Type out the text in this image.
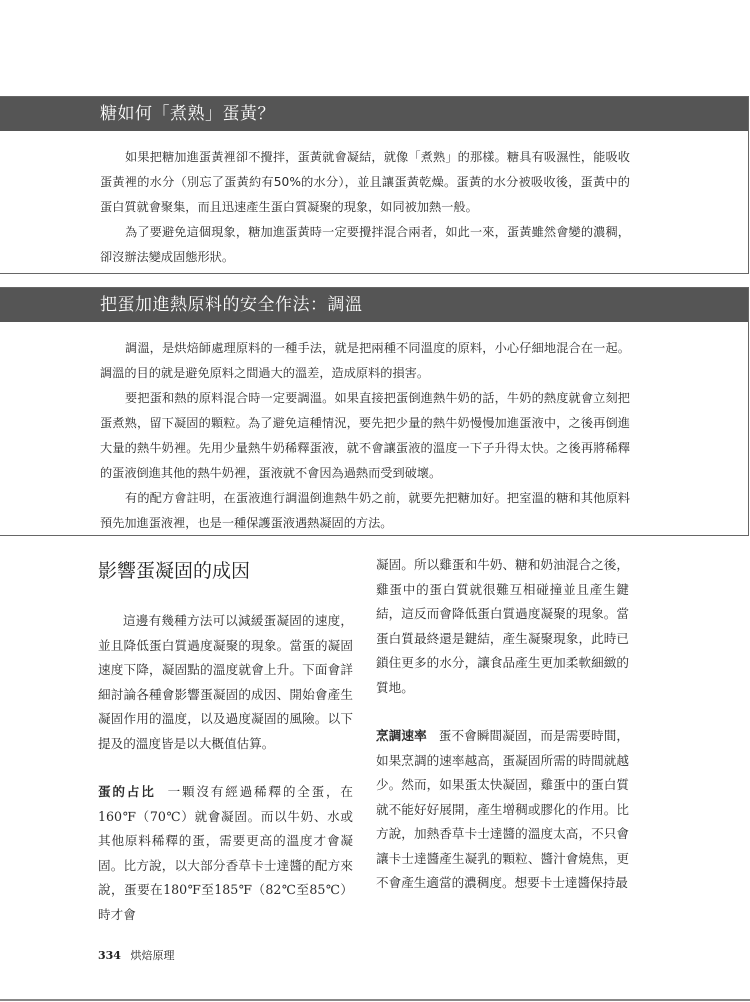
糖如何「煮熟」蛋黃？

如果把糖加進蛋黃裡卻不攪拌，蛋黃就會凝結，就像「煮熟」的那樣。糖具有吸濕性，能吸收蛋黃裡的水分（別忘了蛋黃約有50%的水分），並且讓蛋黃乾燥。蛋黃的水分被吸收後，蛋黃中的蛋白質就會聚集，而且迅速產生蛋白質凝聚的現象，如同被加熱一般。

為了要避免這個現象，糖加進蛋黃時一定要攪拌混合兩者，如此一來，蛋黃雖然會變的濃稠，卻沒辦法變成固態形狀。

把蛋加進熱原料的安全作法：調溫

調溫，是烘焙師處理原料的一種手法，就是把兩種不同溫度的原料，小心仔細地混合在一起。調溫的目的就是避免原料之間過大的溫差，造成原料的損害。

要把蛋和熱的原料混合時一定要調溫。如果直接把蛋倒進熱牛奶的話，牛奶的熱度就會立刻把蛋煮熟，留下凝固的顆粒。為了避免這種情況，要先把少量的熱牛奶慢慢加進蛋液中，之後再倒進大量的熱牛奶裡。先用少量熱牛奶稀釋蛋液，就不會讓蛋液的溫度一下子升得太快。之後再將稀釋的蛋液倒進其他的熱牛奶裡，蛋液就不會因為過熱而受到破壞。

有的配方會註明，在蛋液進行調溫倒進熱牛奶之前，就要先把糖加好。把室溫的糖和其他原料預先加進蛋液裡，也是一種保護蛋液遇熱凝固的方法。

影響蛋凝固的成因

這邊有幾種方法可以減緩蛋凝固的速度，並且降低蛋白質過度凝聚的現象。當蛋的凝固速度下降，凝固點的溫度就會上升。下面會詳細討論各種會影響蛋凝固的成因、開始會產生凝固作用的溫度，以及過度凝固的風險。以下提及的溫度皆是以大概值估算。

蛋的占比 一顆沒有經過稀釋的全蛋，在160℉（70℃）就會凝固。而以牛奶、水或其他原料稀釋的蛋，需要更高的溫度才會凝固。比方說，以大部分香草卡士達醬的配方來說，蛋要在180℉至185℉（82℃至85℃）時才會

凝固。所以雞蛋和牛奶、糖和奶油混合之後，雞蛋中的蛋白質就很難互相碰撞並且產生鍵結，這反而會降低蛋白質過度凝聚的現象。當蛋白質最終還是鍵結，產生凝聚現象，此時已鎖住更多的水分，讓食品產生更加柔軟細緻的質地。

烹調速率 蛋不會瞬間凝固，而是需要時間，如果烹調的速率越高，蛋凝固所需的時間就越少。然而，如果蛋太快凝固，雞蛋中的蛋白質就不能好好展開，產生增稠或膠化的作用。比方說，加熱香草卡士達醬的溫度太高，不只會讓卡士達醬產生凝乳的顆粒、醬汁會燒焦，更不會產生適當的濃稠度。想要卡士達醬保持最

334 烘焙原理
